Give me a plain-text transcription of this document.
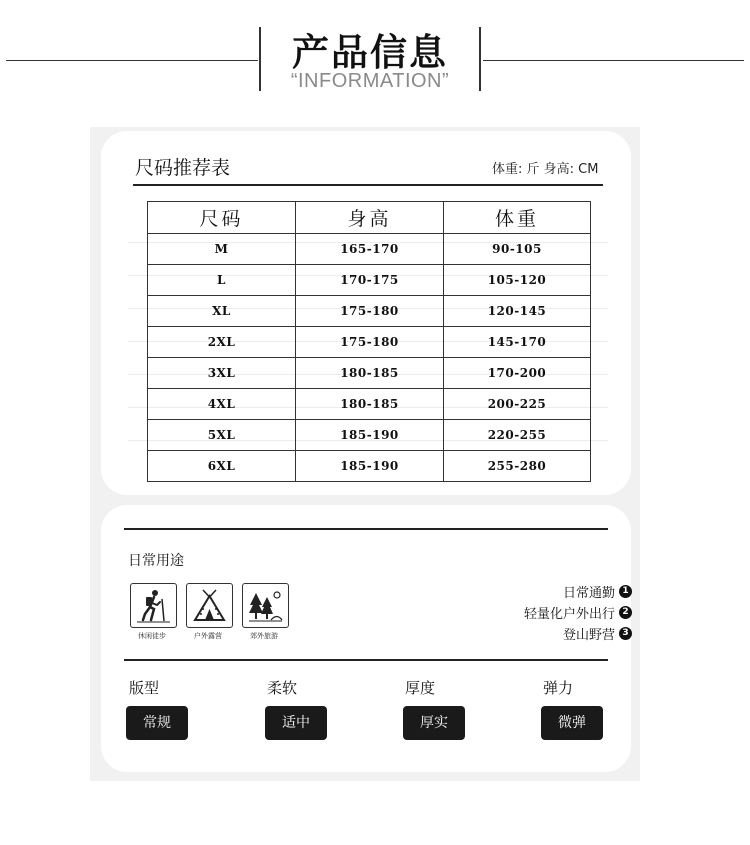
产品信息
“INFORMATION”
尺码推荐表	体重: 斤 身高: CM
尺码	身高	体重
M	165-170	90-105
L	170-175	105-120
XL	175-180	120-145
2XL	175-180	145-170
3XL	180-185	170-200
4XL	180-185	200-225
5XL	185-190	220-255
6XL	185-190	255-280
日常用途
休闲徒步	户外露营	郊外旅游
日常通勤 1
轻量化户外出行 2
登山野营 3
版型	柔软	厚度	弹力
常规	适中	厚实	微弹
